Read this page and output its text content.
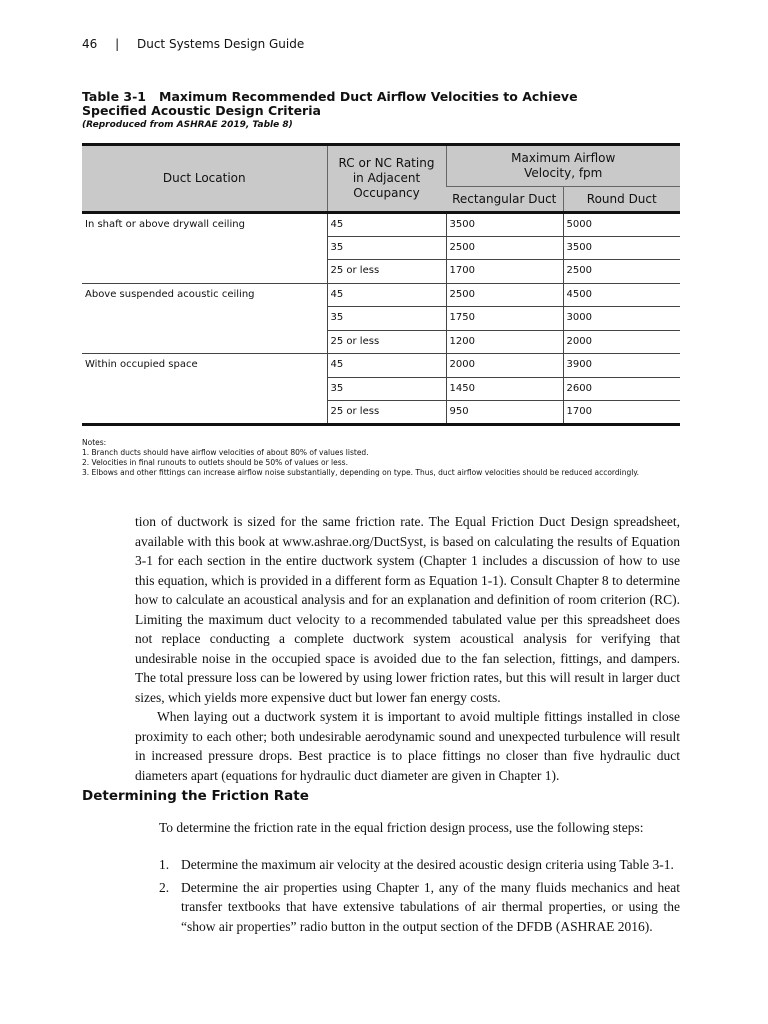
46 | Duct Systems Design Guide
Table 3-1   Maximum Recommended Duct Airflow Velocities to Achieve
Specified Acoustic Design Criteria
(Reproduced from ASHRAE 2019, Table 8)
Duct Location	RC or NC Rating in Adjacent Occupancy	Maximum Airflow Velocity, fpm	
		Rectangular Duct	Round Duct
In shaft or above drywall ceiling	45	3500	5000
	35	2500	3500
	25 or less	1700	2500
Above suspended acoustic ceiling	45	2500	4500
	35	1750	3000
	25 or less	1200	2000
Within occupied space	45	2000	3900
	35	1450	2600
	25 or less	950	1700
Notes:
1. Branch ducts should have airflow velocities of about 80% of values listed.
2. Velocities in final runouts to outlets should be 50% of values or less.
3. Elbows and other fittings can increase airflow noise substantially, depending on type. Thus, duct airflow velocities should be reduced accordingly.

tion of ductwork is sized for the same friction rate. The Equal Friction Duct Design spreadsheet, available with this book at www.ashrae.org/DuctSyst, is based on calculating the results of Equation 3-1 for each section in the entire ductwork system (Chapter 1 includes a discussion of how to use this equation, which is provided in a different form as Equation 1-1). Consult Chapter 8 to determine how to calculate an acoustical analysis and for an explanation and definition of room criterion (RC). Limiting the maximum duct velocity to a recommended tabulated value per this spreadsheet does not replace conducting a complete ductwork system acoustical analysis for verifying that undesirable noise in the occupied space is avoided due to the fan selection, fittings, and dampers. The total pressure loss can be lowered by using lower friction rates, but this will result in larger duct sizes, which yields more expensive duct but lower fan energy costs.

When laying out a ductwork system it is important to avoid multiple fittings installed in close proximity to each other; both undesirable aerodynamic sound and unexpected turbulence will result in increased pressure drops. Best practice is to place fittings no closer than five hydraulic duct diameters apart (equations for hydraulic duct diameter are given in Chapter 1).

Determining the Friction Rate
To determine the friction rate in the equal friction design process, use the following steps:
1. Determine the maximum air velocity at the desired acoustic design criteria using Table 3-1.
2. Determine the air properties using Chapter 1, any of the many fluids mechanics and heat transfer textbooks that have extensive tabulations of air thermal properties, or using the “show air properties” radio button in the output section of the DFDB (ASHRAE 2016).
